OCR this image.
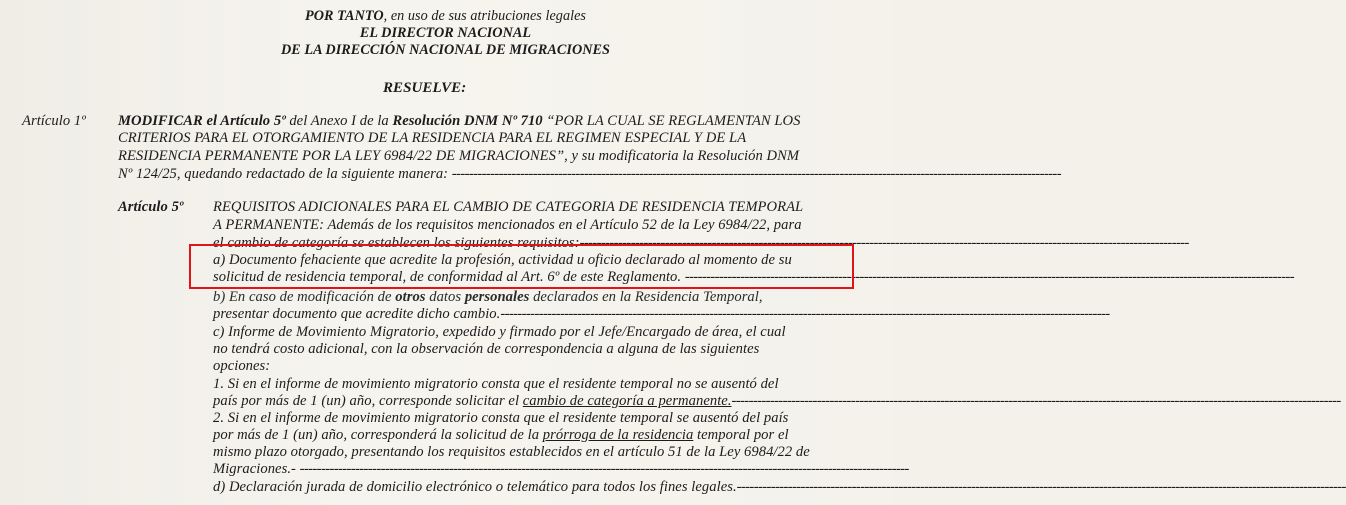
POR TANTO, en uso de sus atribuciones legales
EL DIRECTOR NACIONAL
DE LA DIRECCIÓN NACIONAL DE MIGRACIONES
RESUELVE:
Artículo 1º MODIFICAR el Artículo 5º del Anexo I de la Resolución DNM Nº 710 “POR LA CUAL SE REGLAMENTAN LOS
CRITERIOS PARA EL OTORGAMIENTO DE LA RESIDENCIA PARA EL REGIMEN ESPECIAL Y DE LA
RESIDENCIA PERMANENTE POR LA LEY 6984/22 DE MIGRACIONES”, y su modificatoria la Resolución DNM
Nº 124/25, quedando redactado de la siguiente manera: -----------------------------------------------------------------------------------------------------------------------------------------------
Artículo 5º REQUISITOS ADICIONALES PARA EL CAMBIO DE CATEGORIA DE RESIDENCIA TEMPORAL
A PERMANENTE: Además de los requisitos mencionados en el Artículo 52 de la Ley 6984/22, para
el cambio de categoría se establecen los siguientes requisitos:-----------------------------------------------------------------------------------------------------------------------------------------------
a) Documento fehaciente que acredite la profesión, actividad u oficio declarado al momento de su
solicitud de residencia temporal, de conformidad al Art. 6º de este Reglamento. -----------------------------------------------------------------------------------------------------------------------------------------------
b) En caso de modificación de otros datos personales declarados en la Residencia Temporal,
presentar documento que acredite dicho cambio.-----------------------------------------------------------------------------------------------------------------------------------------------
c) Informe de Movimiento Migratorio, expedido y firmado por el Jefe/Encargado de área, el cual
no tendrá costo adicional, con la observación de correspondencia a alguna de las siguientes
opciones:
1. Si en el informe de movimiento migratorio consta que el residente temporal no se ausentó del
país por más de 1 (un) año, corresponde solicitar el cambio de categoría a permanente.-----------------------------------------------------------------------------------------------------------------------------------------------
2. Si en el informe de movimiento migratorio consta que el residente temporal se ausentó del país
por más de 1 (un) año, corresponderá la solicitud de la prórroga de la residencia temporal por el
mismo plazo otorgado, presentando los requisitos establecidos en el artículo 51 de la Ley 6984/22 de
Migraciones.- -----------------------------------------------------------------------------------------------------------------------------------------------
d) Declaración jurada de domicilio electrónico o telemático para todos los fines legales.-----------------------------------------------------------------------------------------------------------------------------------------------
